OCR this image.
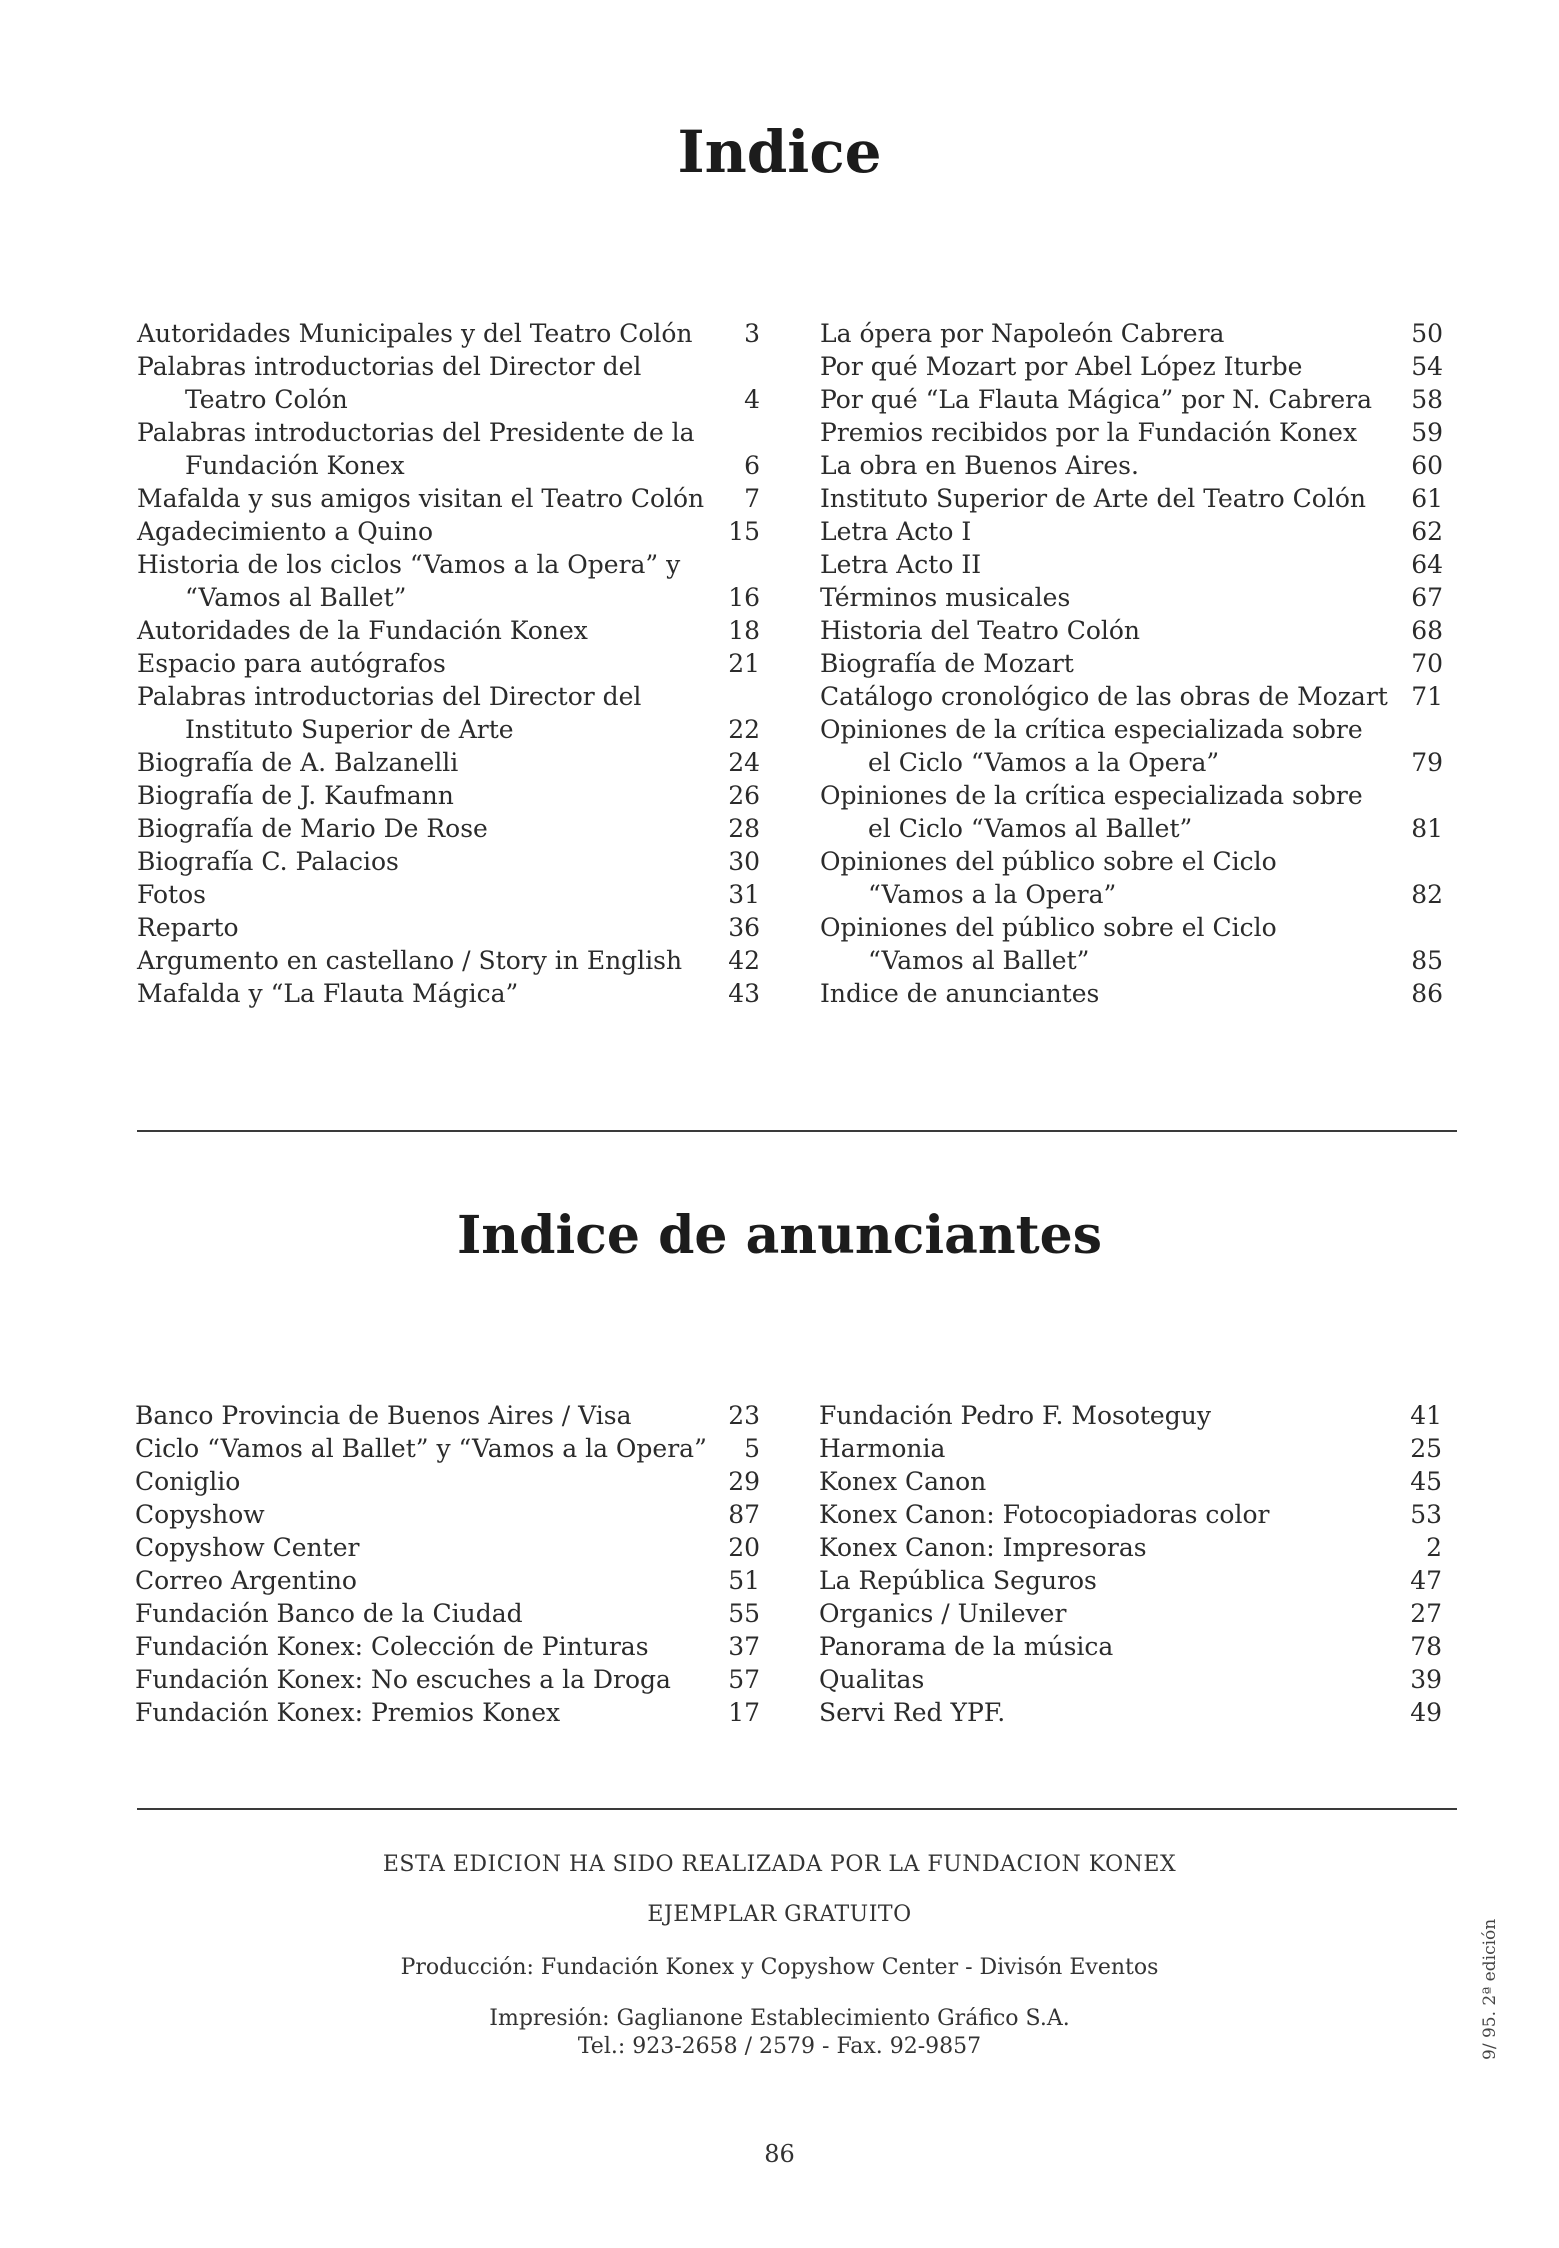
Indice
Autoridades Municipales y del Teatro Colón	3
Palabras introductorias del Director del
Teatro Colón	4
Palabras introductorias del Presidente de la
Fundación Konex	6
Mafalda y sus amigos visitan el Teatro Colón	7
Agadecimiento a Quino	15
Historia de los ciclos “Vamos a la Opera” y
“Vamos al Ballet”	16
Autoridades de la Fundación Konex	18
Espacio para autógrafos	21
Palabras introductorias del Director del
Instituto Superior de Arte	22
Biografía de A. Balzanelli	24
Biografía de J. Kaufmann	26
Biografía de Mario De Rose	28
Biografía C. Palacios	30
Fotos	31
Reparto	36
Argumento en castellano / Story in English	42
Mafalda y “La Flauta Mágica”	43
La ópera por Napoleón Cabrera	50
Por qué Mozart por Abel López Iturbe	54
Por qué “La Flauta Mágica” por N. Cabrera	58
Premios recibidos por la Fundación Konex	59
La obra en Buenos Aires.	60
Instituto Superior de Arte del Teatro Colón	61
Letra Acto I	62
Letra Acto II	64
Términos musicales	67
Historia del Teatro Colón	68
Biografía de Mozart	70
Catálogo cronológico de las obras de Mozart 71
Opiniones de la crítica especializada sobre
el Ciclo “Vamos a la Opera”	79
Opiniones de la crítica especializada sobre
el Ciclo “Vamos al Ballet”	81
Opiniones del público sobre el Ciclo
“Vamos a la Opera”	82
Opiniones del público sobre el Ciclo
“Vamos al Ballet”	85
Indice de anunciantes	86
Indice de anunciantes
Banco Provincia de Buenos Aires / Visa	23
Ciclo “Vamos al Ballet” y “Vamos a la Opera”	5
Coniglio	29
Copyshow	87
Copyshow Center	20
Correo Argentino	51
Fundación Banco de la Ciudad	55
Fundación Konex: Colección de Pinturas	37
Fundación Konex: No escuches a la Droga	57
Fundación Konex: Premios Konex	17
Fundación Pedro F. Mosoteguy	41
Harmonia	25
Konex Canon	45
Konex Canon: Fotocopiadoras color	53
Konex Canon: Impresoras	2
La República Seguros	47
Organics / Unilever	27
Panorama de la música	78
Qualitas	39
Servi Red YPF.	49
ESTA EDICION HA SIDO REALIZADA POR LA FUNDACION KONEX
EJEMPLAR GRATUITO
Producción: Fundación Konex y Copyshow Center - Divisón Eventos
Impresión: Gaglianone Establecimiento Gráfico S.A.
Tel.: 923-2658 / 2579 - Fax. 92-9857
86
9/ 95. 2ª edición
